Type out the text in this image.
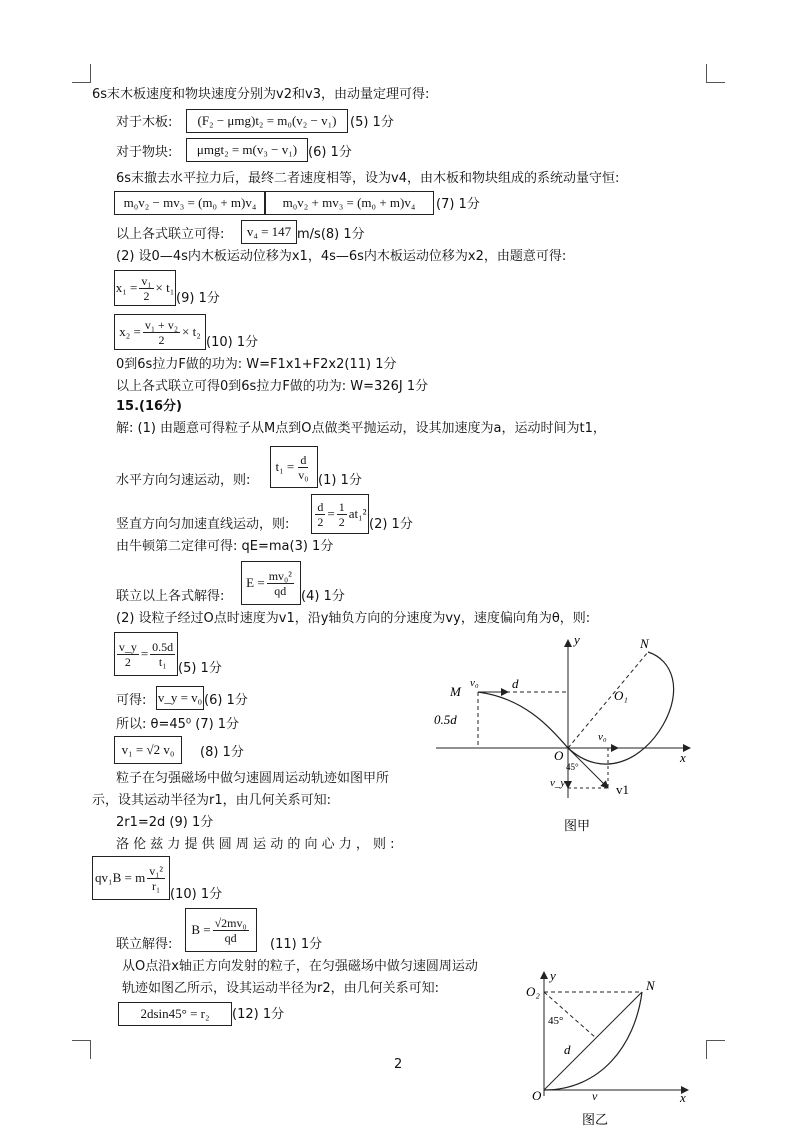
6s末木板速度和物块速度分别为v2和v3，由动量定理可得:
对于木板:	(F₂ − μmg)t₂ = m₀(v₂ − v₁)	(5) 1分
对于物块:	μmgt₂ = m(v₃ − v₁) (6) 1分
6s末撤去水平拉力后，最终二者速度相等，设为v4，由木板和物块组成的系统动量守恒:
m₀v₂ − mv₃ = (m₀ + m)v₄	m₀v₂ + mv₃ = (m₀ + m)v₄	(7) 1分
以上各式联立可得:	v₄ = 147 m/s(8) 1分
(2) 设0—4s内木板运动位移为x1，4s—6s内木板运动位移为x2，由题意可得:
$x_1 = \frac{\text{v₁}}{2} \times t_1$
(9) 1分
$x_2 = \frac{\text{v₁ + v₂}}{2} \times t_2$
(10) 1分
0到6s拉力F做的功为: W=F1x1+F2x2(11) 1分
以上各式联立可得0到6s拉力F做的功为: W=326J 1分
15.(16分)
解: (1) 由题意可得粒子从M点到O点做类平抛运动，设其加速度为a，运动时间为t1，
水平方向匀速运动，则:
$t_1 = \frac{d}{\text{v₀}} (1)$ 1分
竖直方向匀加速直线运动，则: $\frac{d}{2} = \frac{1}{2} at_1^2$
(2) 1分
由牛顿第二定律可得: qE=ma(3) 1分
联立以上各式解得:
$E = \frac{\text{mv₀²}}{qd} (4)$ 1分
(2) 设粒子经过O点时速度为v1，沿y轴负方向的分速度为vy，速度偏向角为θ，则:
$\frac{v\_y}{2} = \frac{0.5d}{\text{t₁}} (5)$ 1分
可得: v_y = v₀ (6) 1分
所以: θ=45⁰ (7) 1分
v₁ = √2 v₀	(8) 1分
粒子在匀强磁场中做匀速圆周运动轨迹如图甲所
示，设其运动半径为r1，由几何关系可知:
2r1=2d (9) 1分
洛 伦 兹 力 提 供 圆 周 运 动 的 向 心 力 ， 则 :
qv₁B = m $\frac{\text{v₁²}}{\text{r₁}}$
(10) 1分
联立解得:
$B = \frac{\text{√2mv₀}}{qd} (11)$ 1分
从O点沿x轴正方向发射的粒子，在匀强磁场中做匀速圆周运动
轨迹如图乙所示，设其运动半径为r2，由几何关系可知:
2dsin45° = r₂	(12) 1分
2
y
x
N
M
v₀	d
O₁
0.5d
O
v₀
45°
v_y	v1
图甲
y
O₂	N
45°
d
O	v	x
图乙
